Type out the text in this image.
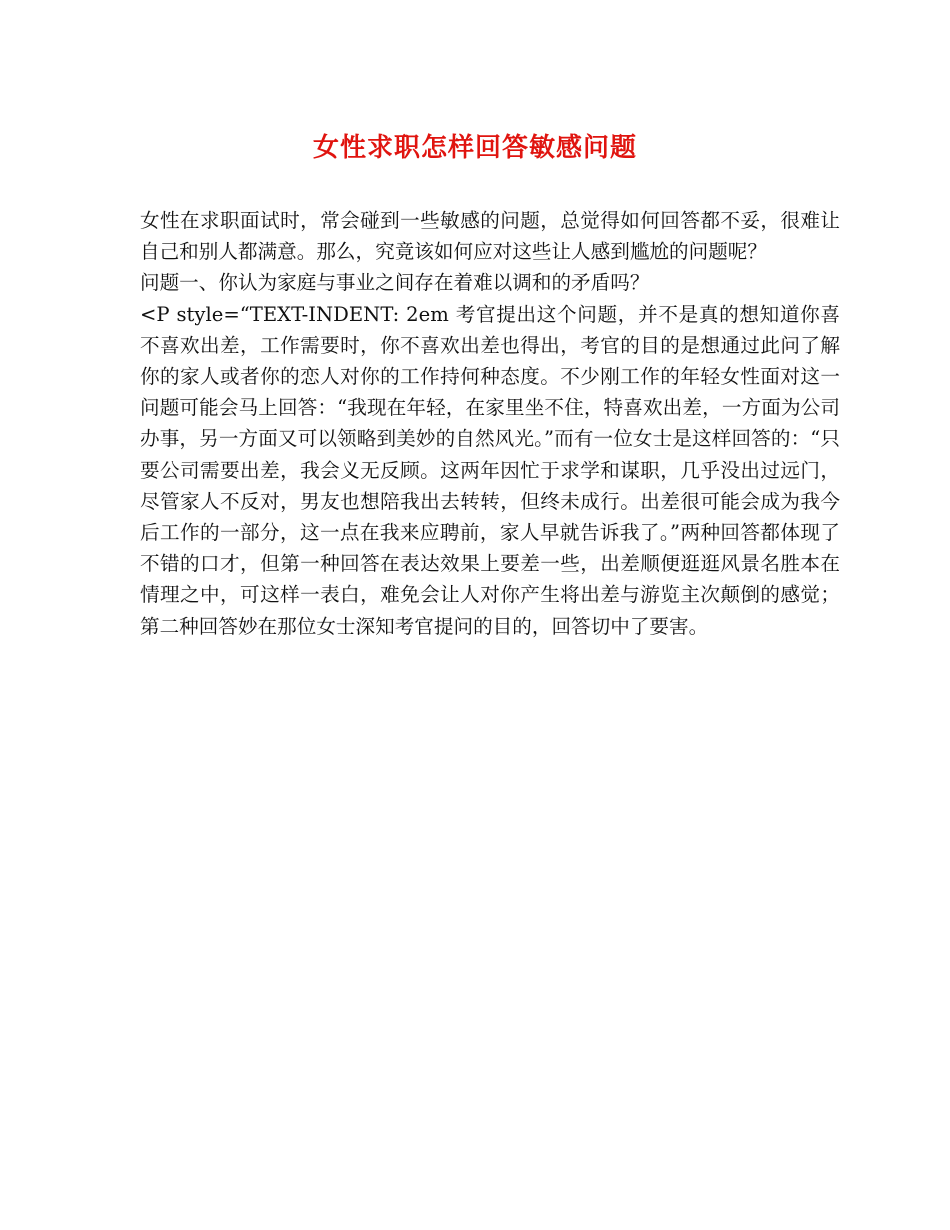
女性求职怎样回答敏感问题

女性在求职面试时，常会碰到一些敏感的问题，总觉得如何回答都不妥，很难让自己和别人都满意。那么，究竟该如何应对这些让人感到尴尬的问题呢？

问题一、你认为家庭与事业之间存在着难以调和的矛盾吗？

<P style=“TEXT-INDENT: 2em 考官提出这个问题，并不是真的想知道你喜不喜欢出差，工作需要时，你不喜欢出差也得出，考官的目的是想通过此问了解你的家人或者你的恋人对你的工作持何种态度。不少刚工作的年轻女性面对这一问题可能会马上回答：“我现在年轻，在家里坐不住，特喜欢出差，一方面为公司办事，另一方面又可以领略到美妙的自然风光。”而有一位女士是这样回答的：“只要公司需要出差，我会义无反顾。这两年因忙于求学和谋职，几乎没出过远门，尽管家人不反对，男友也想陪我出去转转，但终未成行。出差很可能会成为我今后工作的一部分，这一点在我来应聘前，家人早就告诉我了。”两种回答都体现了不错的口才，但第一种回答在表达效果上要差一些，出差顺便逛逛风景名胜本在情理之中，可这样一表白，难免会让人对你产生将出差与游览主次颠倒的感觉；第二种回答妙在那位女士深知考官提问的目的，回答切中了要害。
